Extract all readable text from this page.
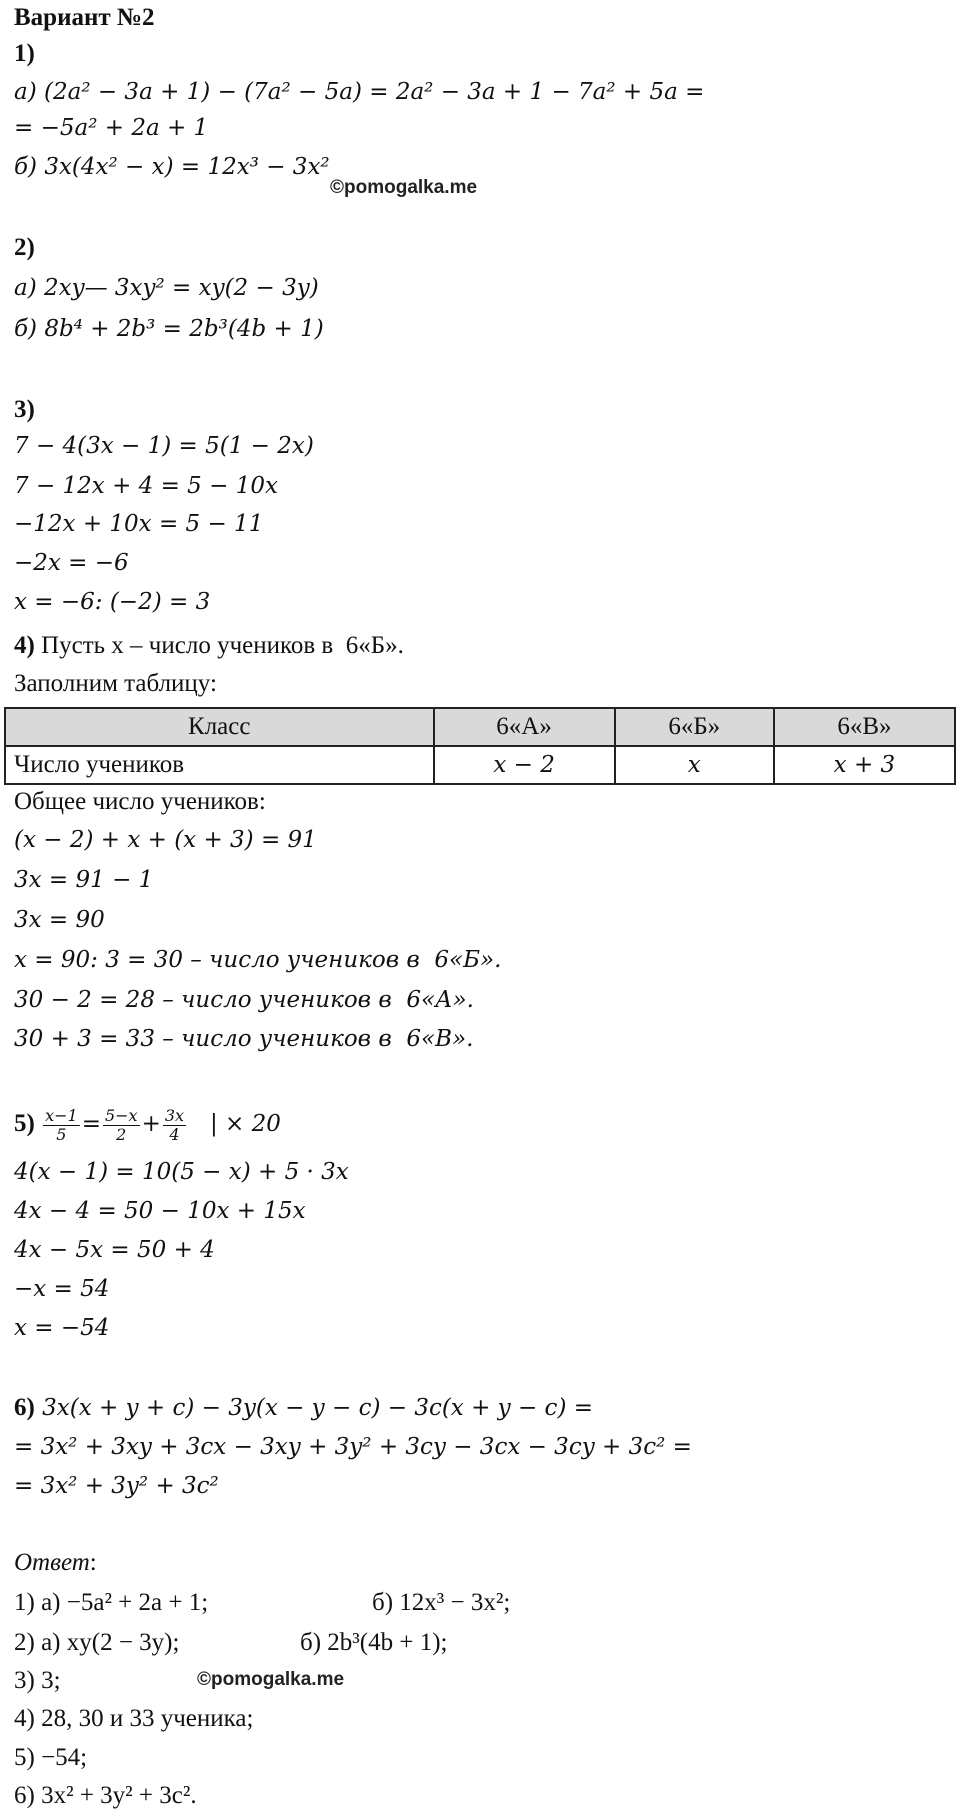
Вариант №2
1)
а) (2a² − 3a + 1) − (7a² − 5a) = 2a² − 3a + 1 − 7a² + 5a =
= −5a² + 2a + 1
б) 3x(4x² − x) = 12x³ − 3x²
©pomogalka.me
2)
а) 2xy— 3xy² = xy(2 − 3y)
б) 8b⁴ + 2b³ = 2b³(4b + 1)
3)
7 − 4(3x − 1) = 5(1 − 2x)
7 − 12x + 4 = 5 − 10x
−12x + 10x = 5 − 11
−2x = −6
x = −6: (−2) = 3
4) Пусть x – число учеников в  6«Б».
Заполним таблицу:
Класс	6«А»	6«Б»	6«В»
Число учеников	x − 2	x	x + 3
Общее число учеников:
(x − 2) + x + (x + 3) = 91
3x = 91 − 1
3x = 90
x = 90: 3 = 30 – число учеников в  6«Б».
30 − 2 = 28 – число учеников в  6«А».
30 + 3 = 33 – число учеников в  6«В».
$5) \frac{x-1}{5} = \frac{5-x}{2} + \frac{3x}{4}$ | × 20
4(x − 1) = 10(5 − x) + 5 · 3x
4x − 4 = 50 − 10x + 15x
4x − 5x = 50 + 4
−x = 54
x = −54
6) 3x(x + y + c) − 3y(x − y − c) − 3c(x + y − c) =
= 3x² + 3xy + 3cx − 3xy + 3y² + 3cy − 3cx − 3cy + 3c² =
= 3x² + 3y² + 3c²
Ответ:
1) а) −5a² + 2a + 1;	б) 12x³ − 3x²;
2) а) xy(2 − 3y);	б) 2b³(4b + 1);
3) 3;	©pomogalka.me
4) 28, 30 и 33 ученика;
5) −54;
6) 3x² + 3y² + 3c².
